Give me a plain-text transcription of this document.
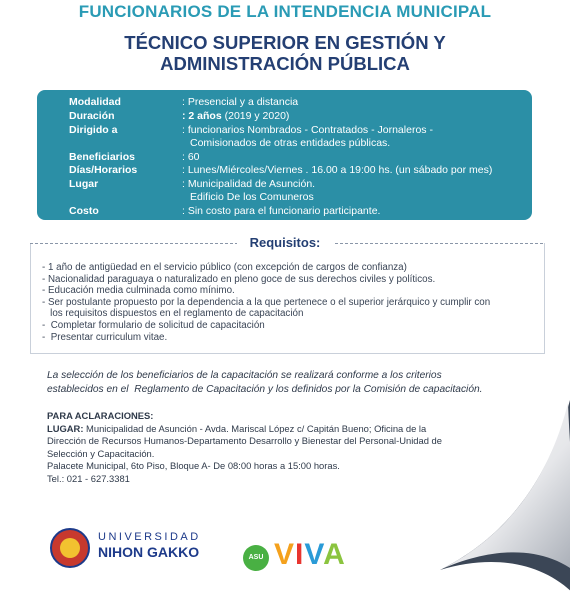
FUNCIONARIOS DE LA INTENDENCIA MUNICIPAL
TÉCNICO SUPERIOR EN GESTIÓN Y
ADMINISTRACIÓN PÚBLICA
Modalidad	: Presencial y a distancia
Duración	: 2 años (2019 y 2020)
Dirigido a	: funcionarios Nombrados - Contratados - Jornaleros -
Comisionados de otras entidades públicas.
Beneficiarios	: 60
Días/Horarios	: Lunes/Miércoles/Viernes . 16.00 a 19:00 hs. (un sábado por mes)
Lugar	: Municipalidad de Asunción.
Edificio De los Comuneros
Costo	: Sin costo para el funcionario participante.
Requisitos:
- 1 año de antigüedad en el servicio público (con excepción de cargos de confianza)
- Nacionalidad paraguaya o naturalizado en pleno goce de sus derechos civiles y políticos.
- Educación media culminada como mínimo.
- Ser postulante propuesto por la dependencia a la que pertenece o el superior jerárquico y cumplir con
los requisitos dispuestos en el reglamento de capacitación
-  Completar formulario de solicitud de capacitación
-  Presentar curriculum vitae.
La selección de los beneficiarios de la capacitación se realizará conforme a los criterios
establecidos en el  Reglamento de Capacitación y los definidos por la Comisión de capacitación.
PARA ACLARACIONES:
LUGAR: Municipalidad de Asunción - Avda. Mariscal López c/ Capitán Bueno; Oficina de la
Dirección de Recursos Humanos-Departamento Desarrollo y Bienestar del Personal-Unidad de
Selección y Capacitación.
Palacete Municipal, 6to Piso, Bloque A- De 08:00 horas a 15:00 horas.
Tel.: 021 - 627.3381
UNIVERSIDAD
NIHON GAKKO	ASU VIVA
